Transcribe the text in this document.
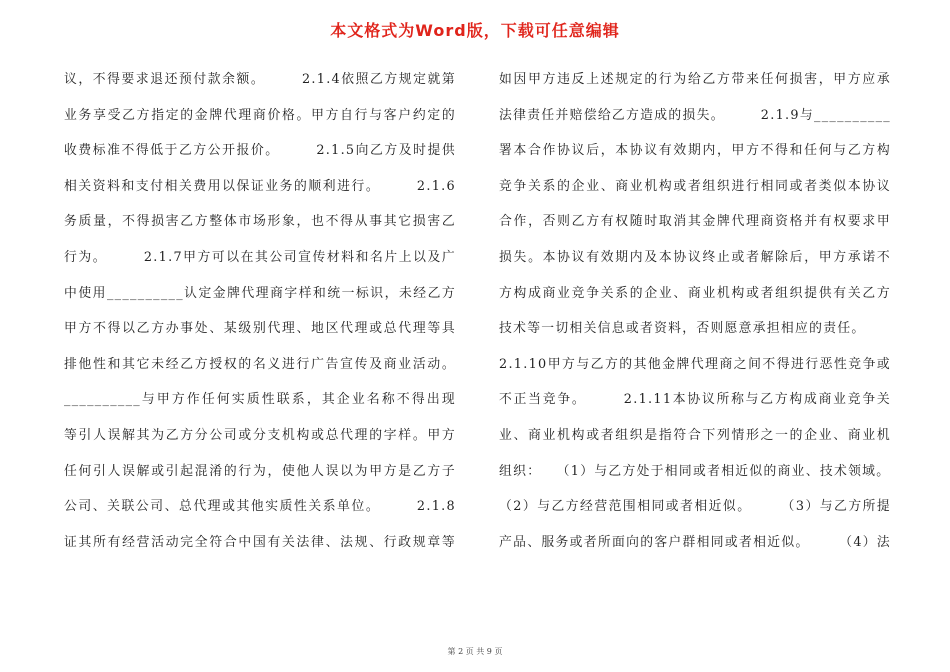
本文格式为Word版，下载可任意编辑
议，不得要求退还预付款余额。　　　2.1.4依照乙方规定就第
业务享受乙方指定的金牌代理商价格。甲方自行与客户约定的
收费标准不得低于乙方公开报价。　　　2.1.5向乙方及时提供
相关资料和支付相关费用以保证业务的顺利进行。　　　2.1.6
务质量，不得损害乙方整体市场形象，也不得从事其它损害乙
行为。　　　2.1.7甲方可以在其公司宣传材料和名片上以及广
中使用__________认定金牌代理商字样和统一标识，未经乙方
甲方不得以乙方办事处、某级别代理、地区代理或总代理等具
排他性和其它未经乙方授权的名义进行广告宣传及商业活动。
__________与甲方作任何实质性联系，其企业名称不得出现
等引人误解其为乙方分公司或分支机构或总代理的字样。甲方
任何引人误解或引起混淆的行为，使他人误以为甲方是乙方子
公司、关联公司、总代理或其他实质性关系单位。　　　2.1.8
证其所有经营活动完全符合中国有关法律、法规、行政规章等
如因甲方违反上述规定的行为给乙方带来任何损害，甲方应承
法律责任并赔偿给乙方造成的损失。　　　2.1.9与__________
署本合作协议后，本协议有效期内，甲方不得和任何与乙方构
竞争关系的企业、商业机构或者组织进行相同或者类似本协议
合作，否则乙方有权随时取消其金牌代理商资格并有权要求甲
损失。本协议有效期内及本协议终止或者解除后，甲方承诺不
方构成商业竞争关系的企业、商业机构或者组织提供有关乙方
技术等一切相关信息或者资料，否则愿意承担相应的责任。
2.1.10甲方与乙方的其他金牌代理商之间不得进行恶性竞争或
不正当竞争。　　　2.1.11本协议所称与乙方构成商业竞争关
业、商业机构或者组织是指符合下列情形之一的企业、商业机
组织：　　（1）与乙方处于相同或者相近似的商业、技术领域。
（2）与乙方经营范围相同或者相近似。　　　（3）与乙方所提
产品、服务或者所面向的客户群相同或者相近似。　　　（4）法
第 2 页 共 9 页
